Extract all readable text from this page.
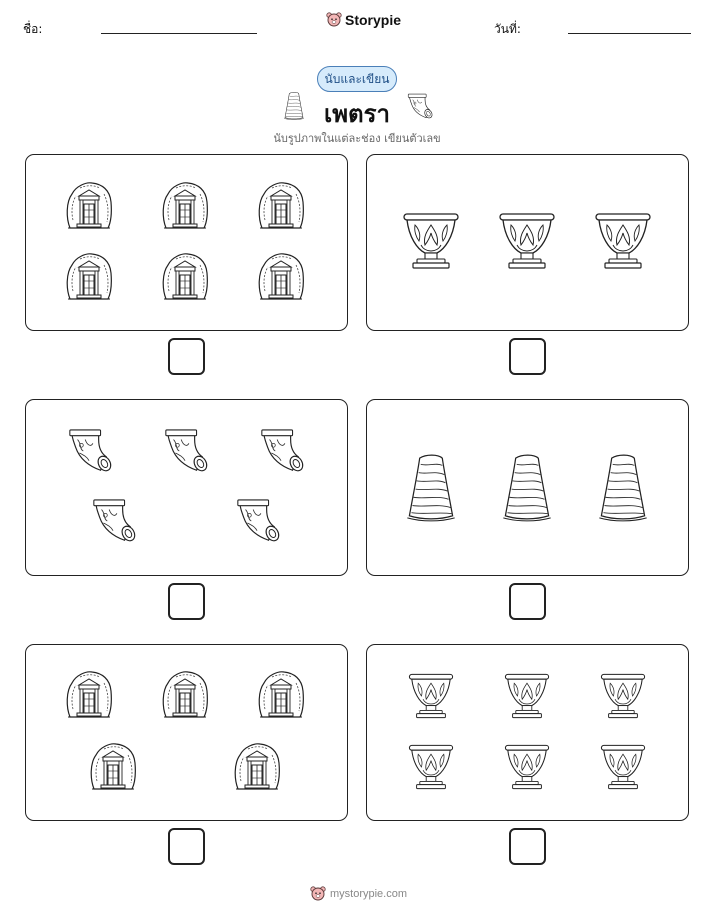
ชื่อ:
Storypie
วันที่:
นับและเขียน
เพตรา
นับรูปภาพในแต่ละช่อง เขียนตัวเลข
mystorypie.com
